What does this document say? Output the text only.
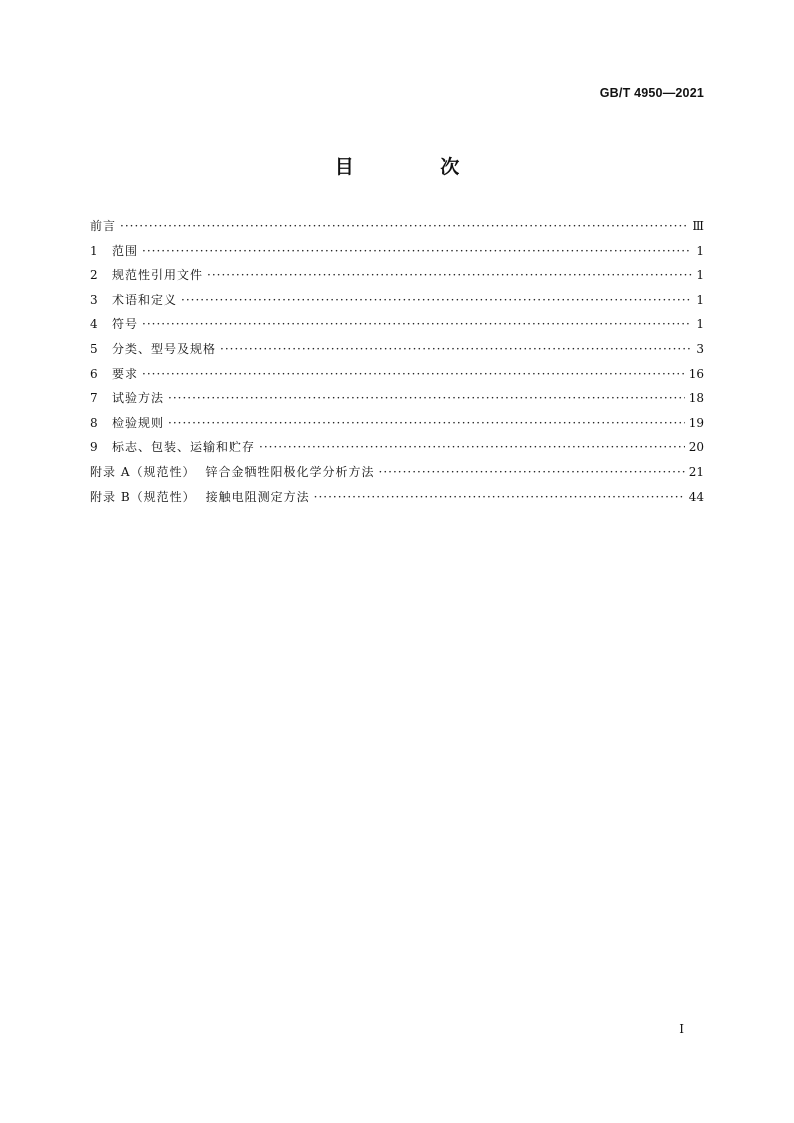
GB/T 4950—2021
目 次
前言 ·····	Ⅲ
1	范围 ·····	1
2	规范性引用文件 ·····	1
3	术语和定义 ·····	1
4	符号 ·····	1
5	分类、型号及规格 ·····	3
6	要求 ·····	16
7	试验方法 ·····	18
8	检验规则 ·····	19
9	标志、包装、运输和贮存 ·····	20
附录 A（规范性） 锌合金牺牲阳极化学分析方法 ·····	21
附录 B（规范性） 接触电阻测定方法 ·····	44
Ⅰ
